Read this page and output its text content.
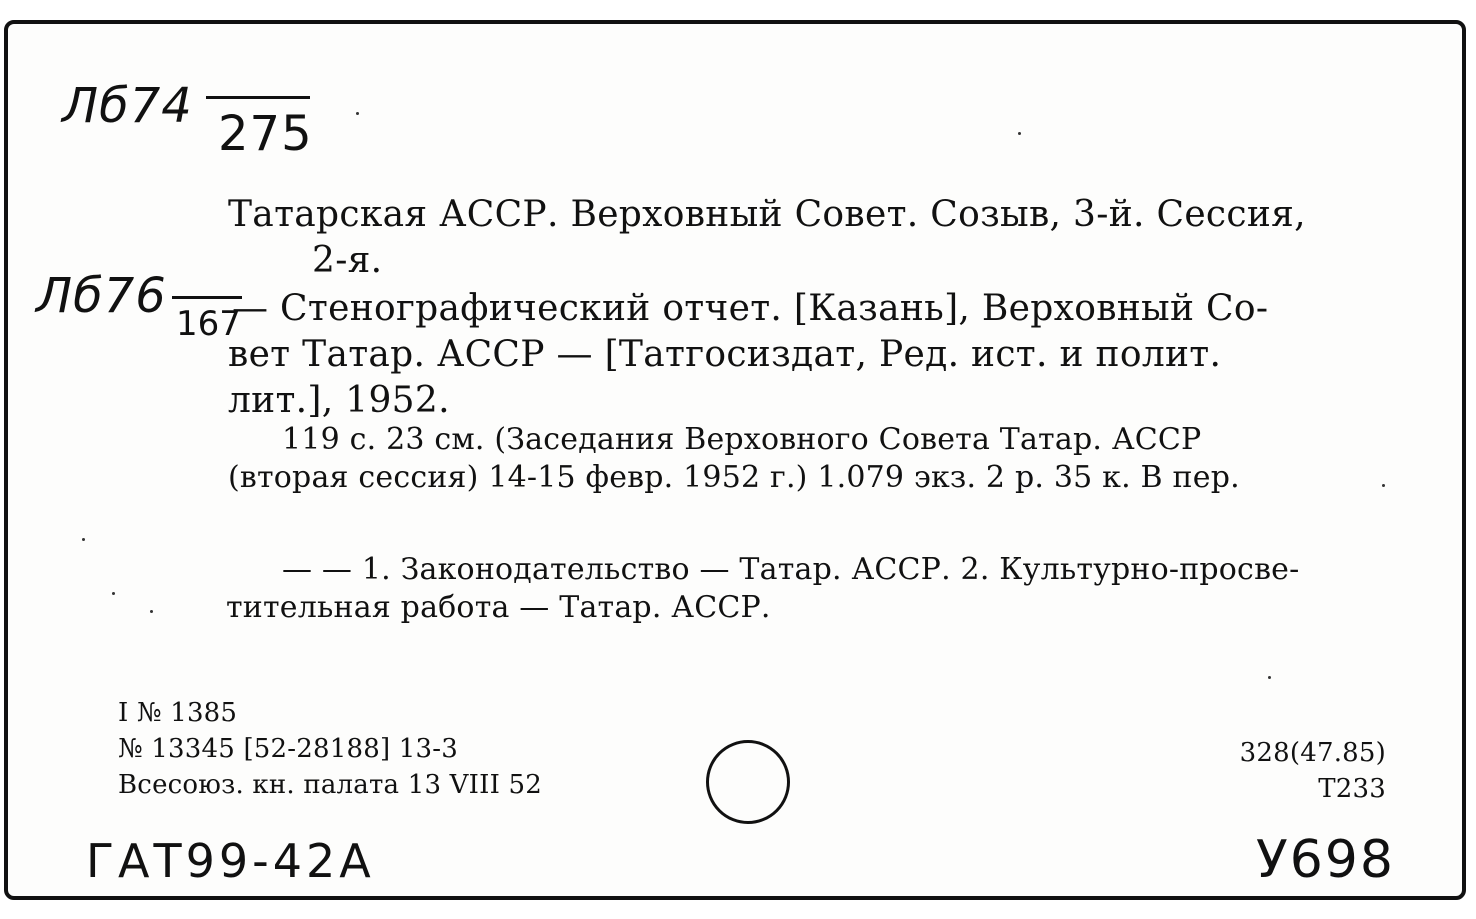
Лб74 275
Лб76 167
Татарская АССР. Верховный Совет. Созыв, 3-й. Сессия,
2-я.
— Стенографический отчет. [Казань], Верховный Со-
вет Татар. АССР — [Татгосиздат, Ред. ист. и полит.
лит.], 1952.
119 с. 23 см. (Заседания Верховного Совета Татар. АССР
(вторая сессия) 14-15 февр. 1952 г.) 1.079 экз. 2 р. 35 к. В пер.
— — 1. Законодательство — Татар. АССР. 2. Культурно-просве-
тительная работа — Татар. АССР.
I № 1385
№ 13345 [52-28188] 13-3
Всесоюз. кн. палата 13 VIII 52
328(47.85)
Т233
ГАТ99-42А	У698
